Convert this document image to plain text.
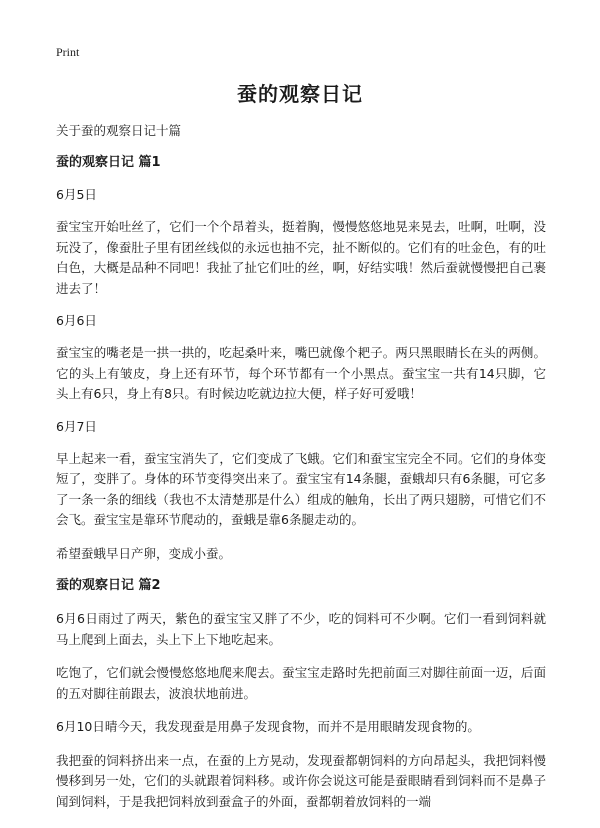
Print
蚕的观察日记

关于蚕的观察日记十篇

蚕的观察日记 篇1

6月5日

蚕宝宝开始吐丝了，它们一个个昂着头，挺着胸，慢慢悠悠地晃来晃去，吐啊，吐啊，没玩没了，像蚕肚子里有团丝线似的永远也抽不完，扯不断似的。它们有的吐金色，有的吐白色，大概是品种不同吧！我扯了扯它们吐的丝，啊，好结实哦！然后蚕就慢慢把自己裹进去了！

6月6日

蚕宝宝的嘴老是一拱一拱的，吃起桑叶来，嘴巴就像个耙子。两只黑眼睛长在头的两侧。它的头上有皱皮，身上还有环节，每个环节都有一个小黑点。蚕宝宝一共有14只脚，它头上有6只，身上有8只。有时候边吃就边拉大便，样子好可爱哦！

6月7日

早上起来一看，蚕宝宝消失了，它们变成了飞蛾。它们和蚕宝宝完全不同。它们的身体变短了，变胖了。身体的环节变得突出来了。蚕宝宝有14条腿，蚕蛾却只有6条腿，可它多了一条一条的细线（我也不太清楚那是什么）组成的触角，长出了两只翅膀，可惜它们不会飞。蚕宝宝是靠环节爬动的，蚕蛾是靠6条腿走动的。

希望蚕蛾早日产卵，变成小蚕。

蚕的观察日记 篇2

6月6日雨过了两天，紫色的蚕宝宝又胖了不少，吃的饲料可不少啊。它们一看到饲料就马上爬到上面去，头上下上下地吃起来。

吃饱了，它们就会慢慢悠悠地爬来爬去。蚕宝宝走路时先把前面三对脚往前面一迈，后面的五对脚往前跟去，波浪状地前进。

6月10日晴今天，我发现蚕是用鼻子发现食物，而并不是用眼睛发现食物的。

我把蚕的饲料挤出来一点，在蚕的上方晃动，发现蚕都朝饲料的方向昂起头，我把饲料慢慢移到另一处，它们的头就跟着饲料移。或许你会说这可能是蚕眼睛看到饲料而不是鼻子闻到饲料，于是我把饲料放到蚕盒子的外面，蚕都朝着放饲料的一端
